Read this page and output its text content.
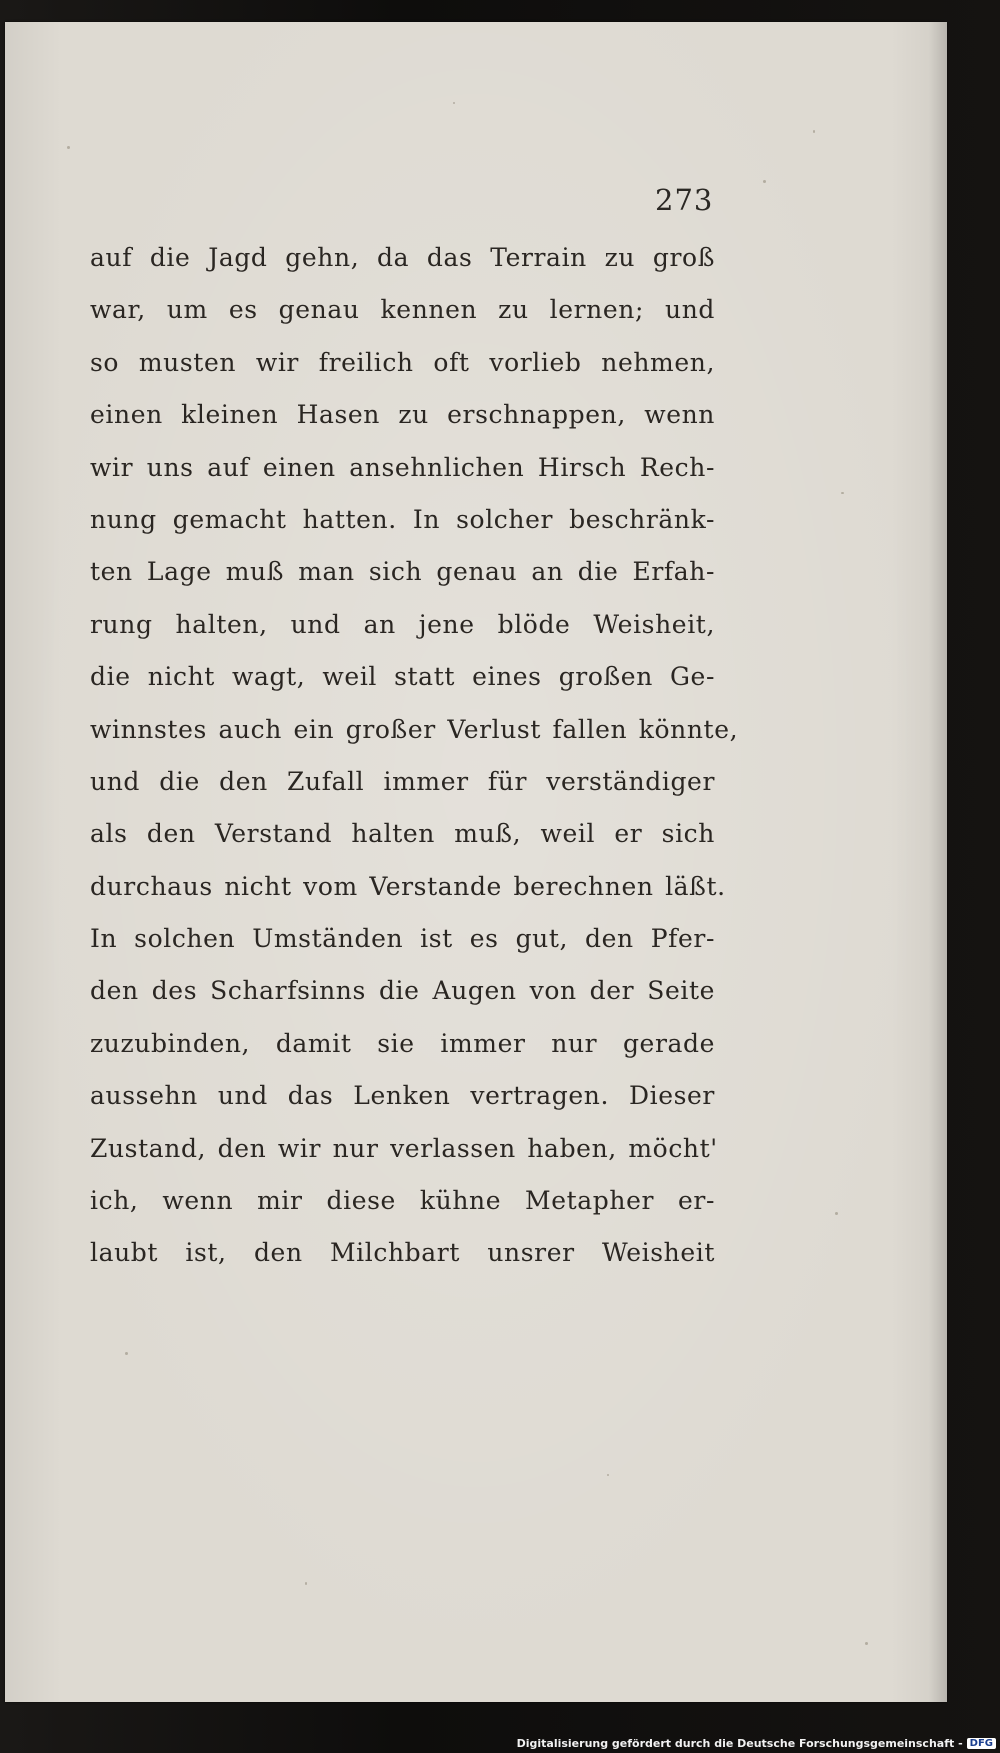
273
auf die Jagd gehn, da das Terrain zu groß
war, um es genau kennen zu lernen; und
so musten wir freilich oft vorlieb nehmen,
einen kleinen Hasen zu erschnappen, wenn
wir uns auf einen ansehnlichen Hirsch Rech-
nung gemacht hatten. In solcher beschränk-
ten Lage muß man sich genau an die Erfah-
rung halten, und an jene blöde Weisheit,
die nicht wagt, weil statt eines großen Ge-
winnstes auch ein großer Verlust fallen könnte,
und die den Zufall immer für verständiger
als den Verstand halten muß, weil er sich
durchaus nicht vom Verstande berechnen läßt.
In solchen Umständen ist es gut, den Pfer-
den des Scharfsinns die Augen von der Seite
zuzubinden, damit sie immer nur gerade
aussehn und das Lenken vertragen. Dieser
Zustand, den wir nur verlassen haben, möcht'
ich, wenn mir diese kühne Metapher er-
laubt ist, den Milchbart unsrer Weisheit
Digitalisierung gefördert durch die Deutsche Forschungsgemeinschaft - DFG
